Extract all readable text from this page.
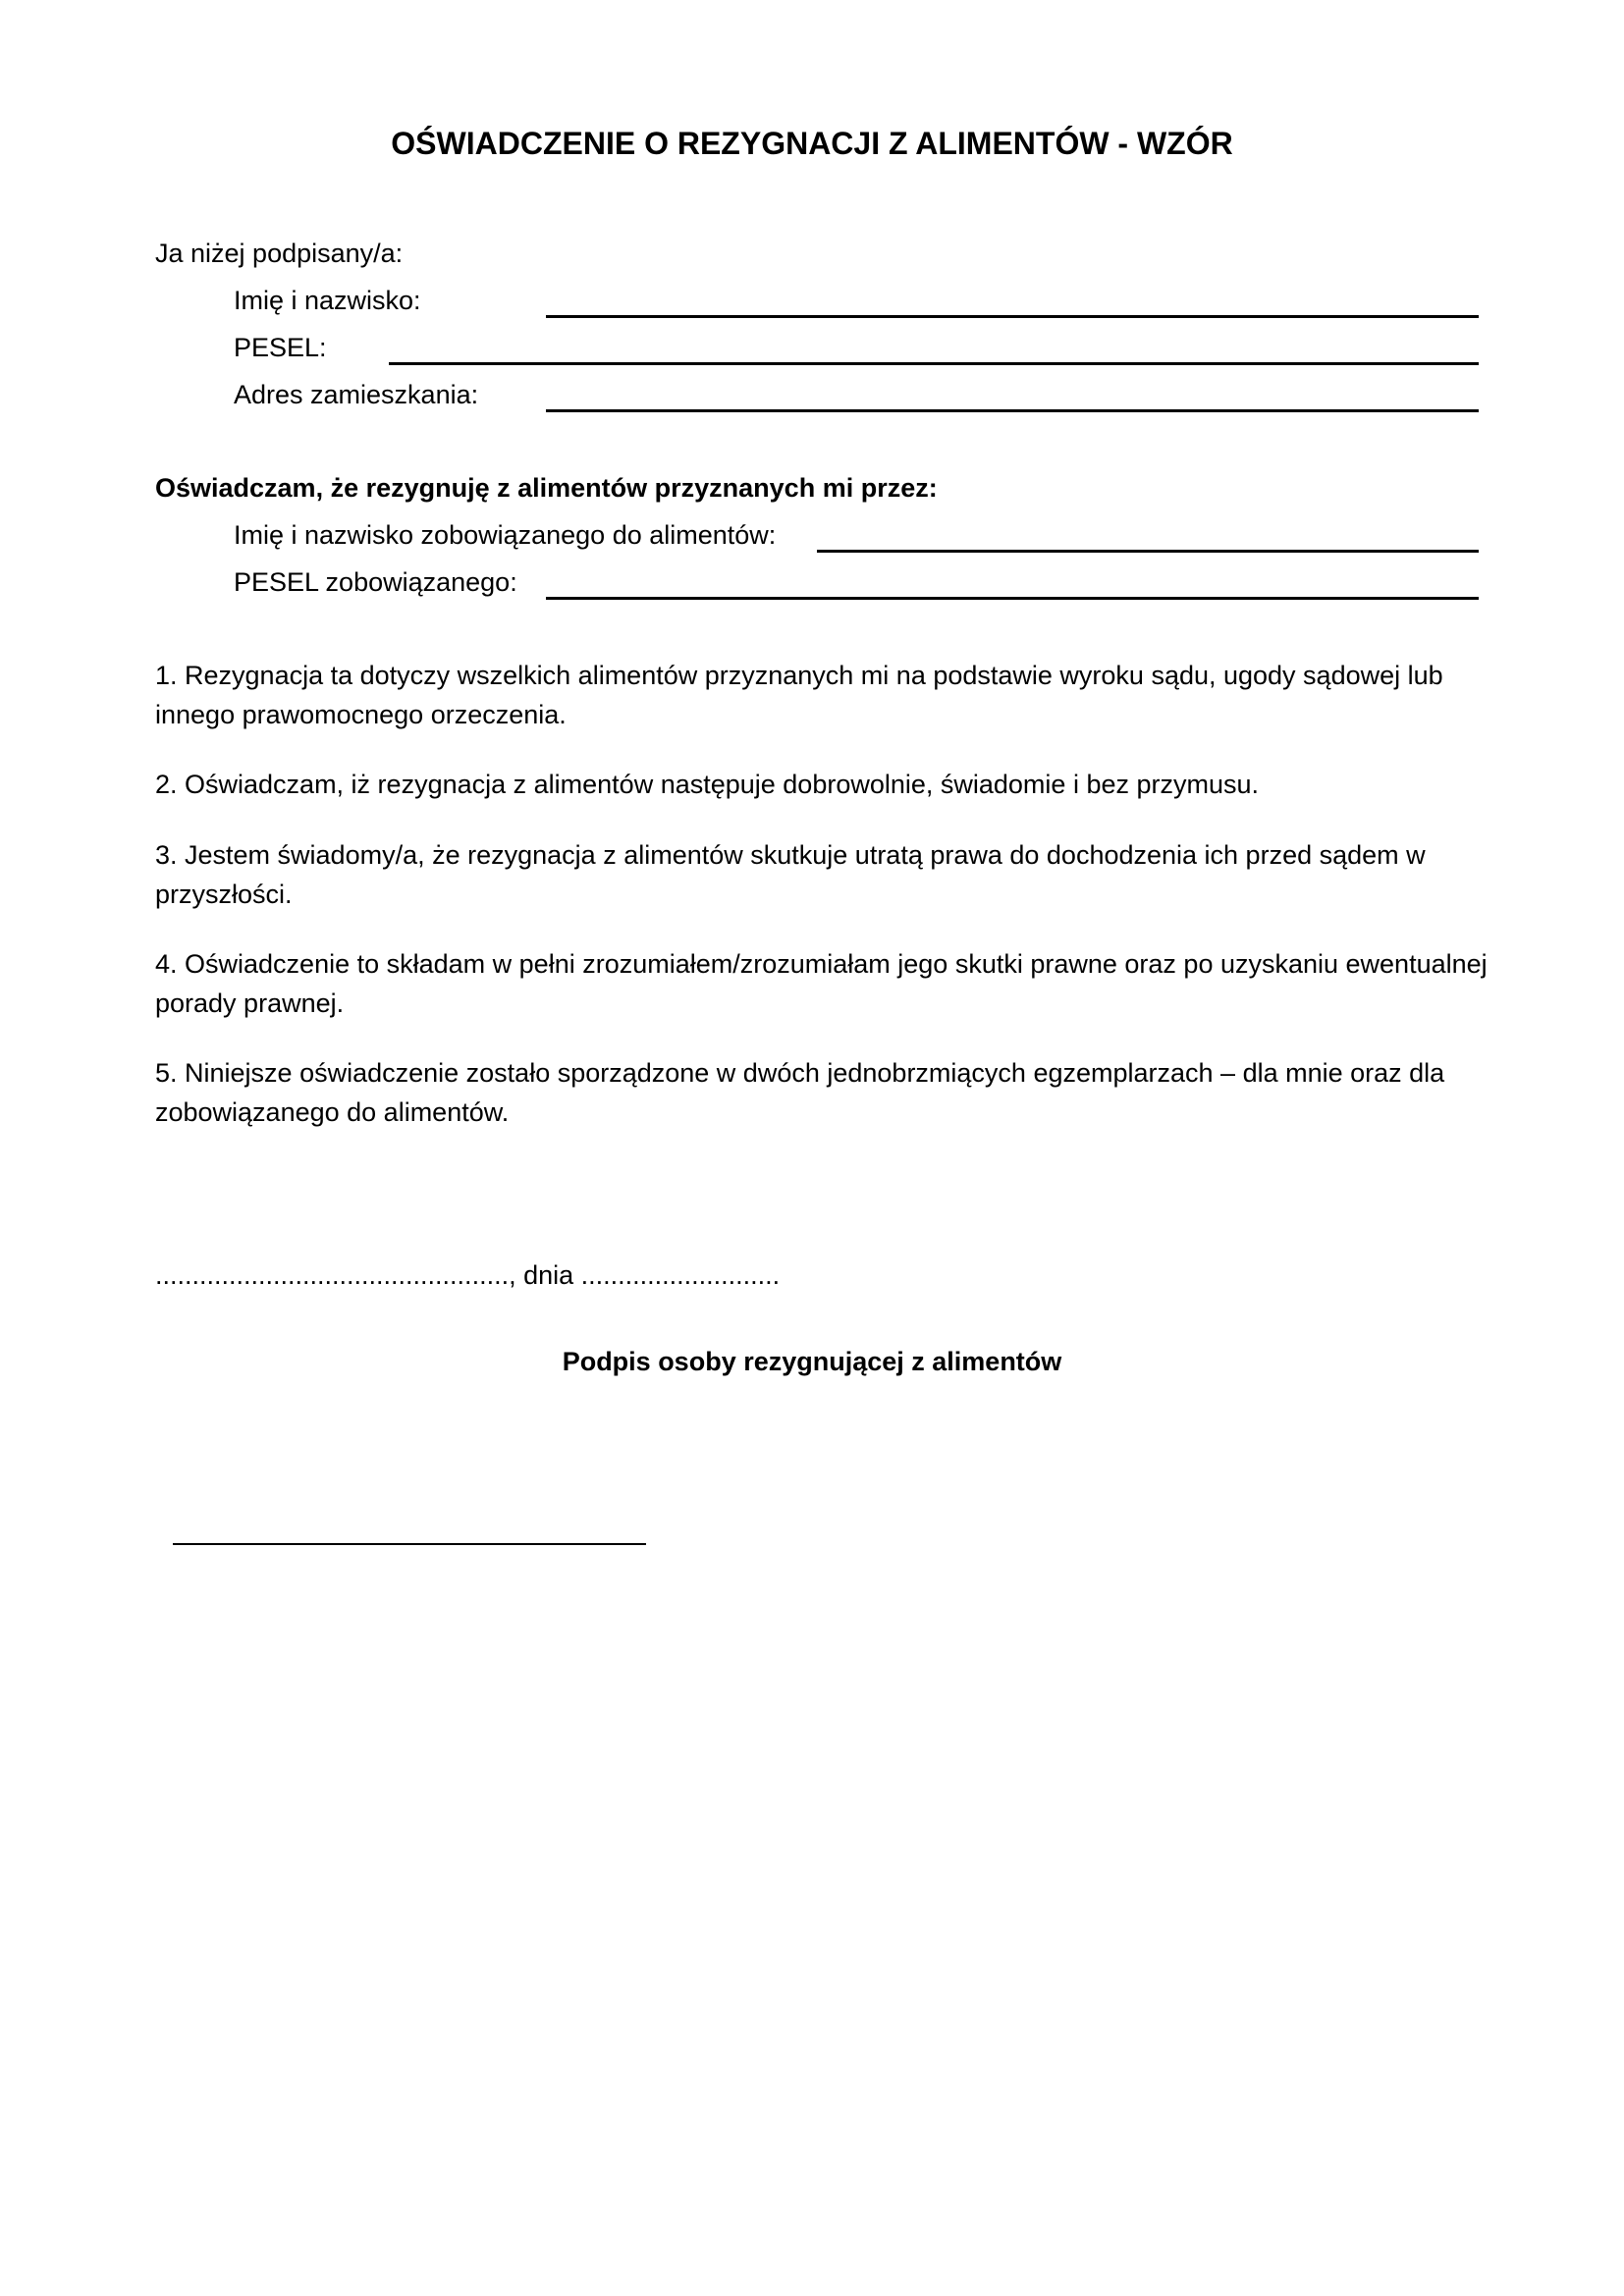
OŚWIADCZENIE O REZYGNACJI Z ALIMENTÓW - WZÓR
Ja niżej podpisany/a:
Imię i nazwisko:
PESEL:
Adres zamieszkania:
Oświadczam, że rezygnuję z alimentów przyznanych mi przez:
Imię i nazwisko zobowiązanego do alimentów:
PESEL zobowiązanego:
1. Rezygnacja ta dotyczy wszelkich alimentów przyznanych mi na podstawie wyroku sądu, ugody sądowej lub innego prawomocnego orzeczenia.
2. Oświadczam, iż rezygnacja z alimentów następuje dobrowolnie, świadomie i bez przymusu.
3. Jestem świadomy/a, że rezygnacja z alimentów skutkuje utratą prawa do dochodzenia ich przed sądem w przyszłości.
4. Oświadczenie to składam w pełni zrozumiałem/zrozumiałam jego skutki prawne oraz po uzyskaniu ewentualnej porady prawnej.
5. Niniejsze oświadczenie zostało sporządzone w dwóch jednobrzmiących egzemplarzach – dla mnie oraz dla zobowiązanego do alimentów.
................................................, dnia ...........................
Podpis osoby rezygnującej z alimentów
